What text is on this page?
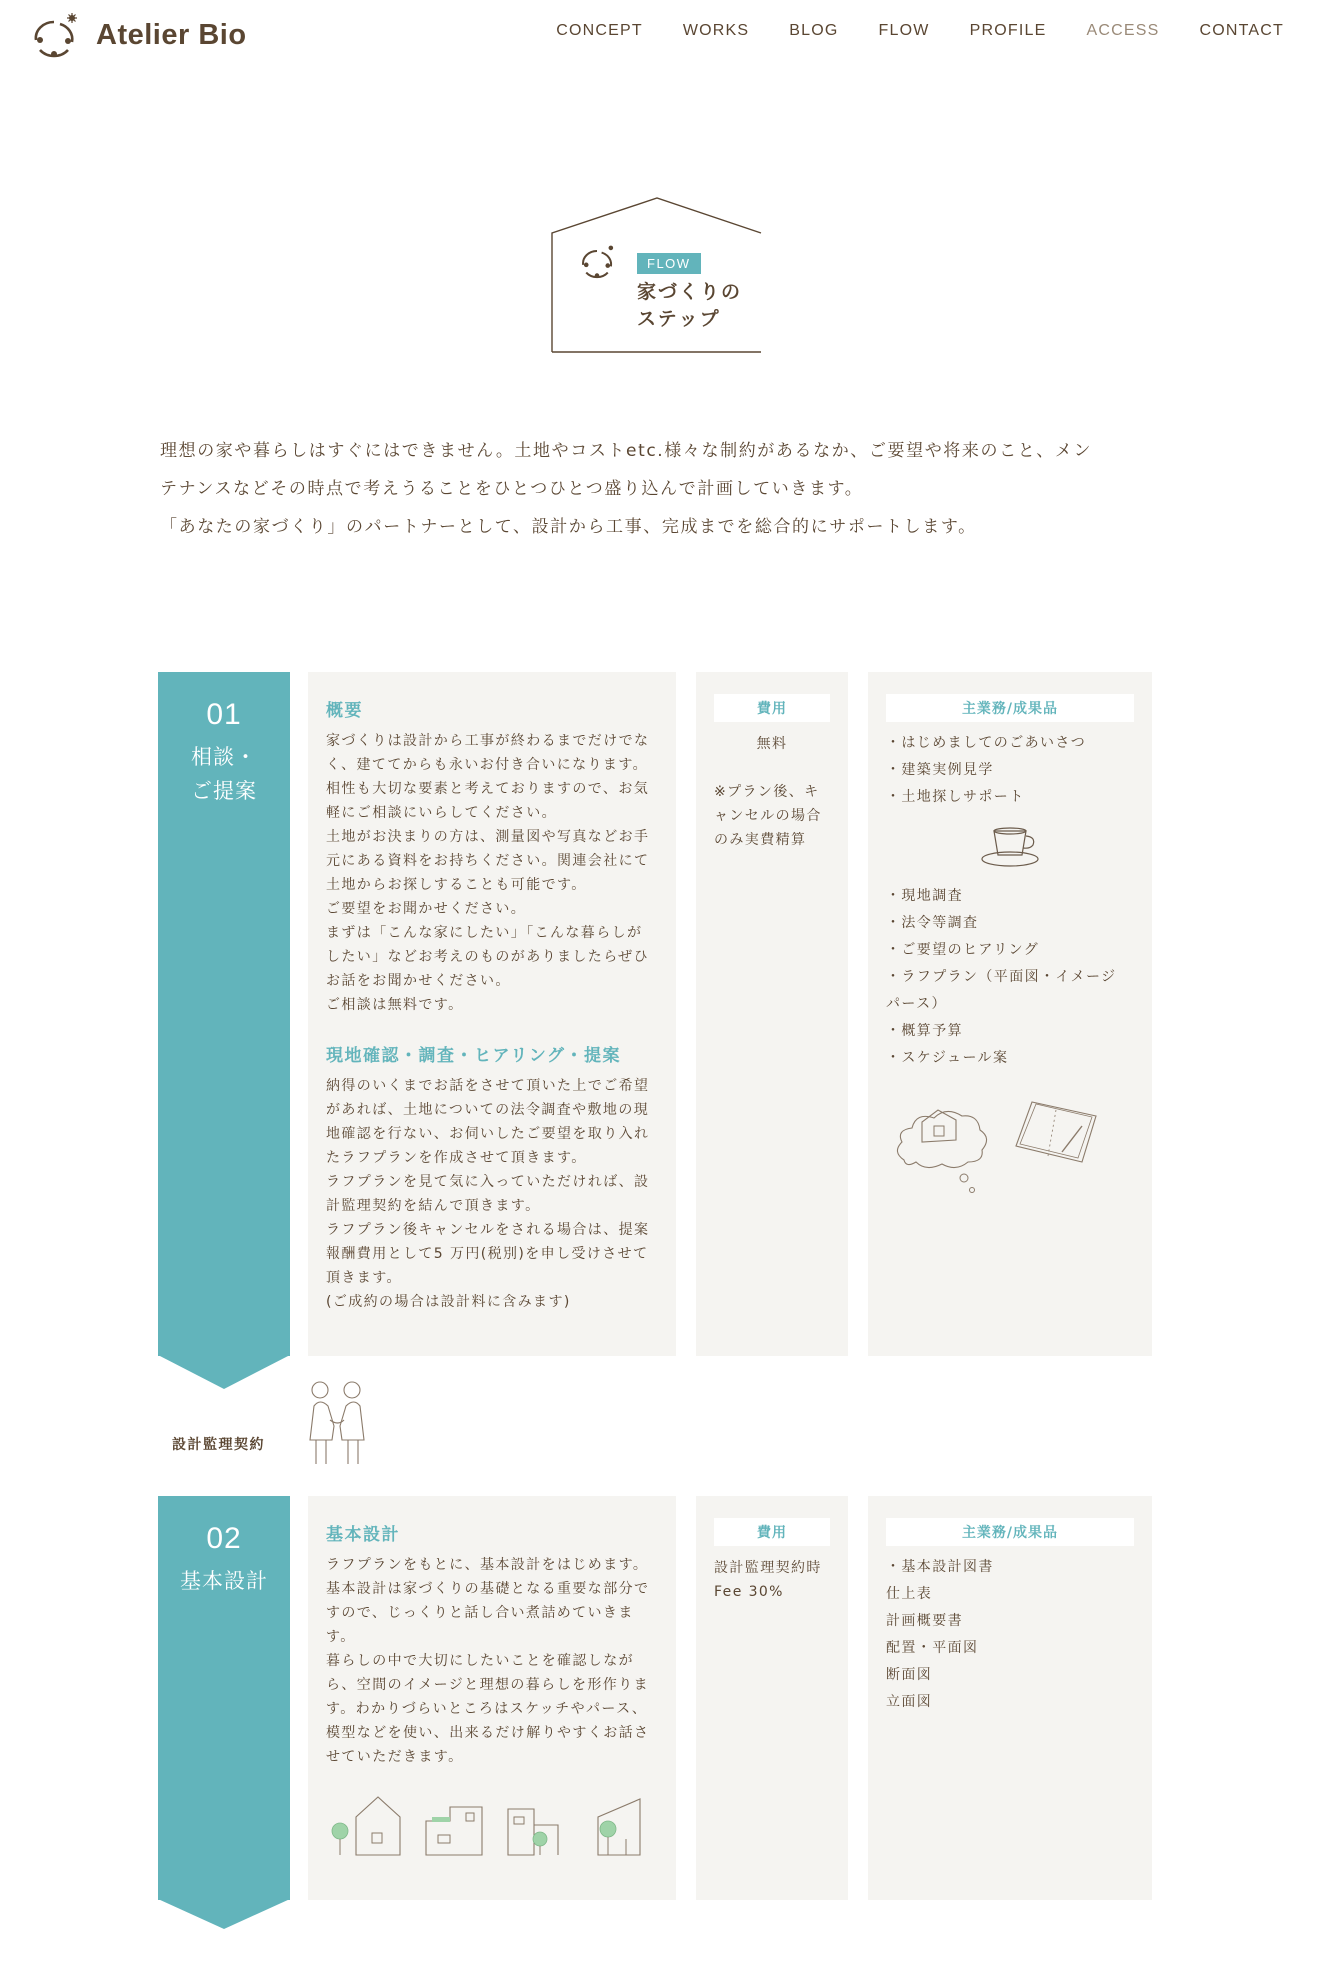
Atelier Bio	CONCEPT	WORKS	BLOG	FLOW	PROFILE	ACCESS	CONTACT
FLOW
家づくりの
ステップ

理想の家や暮らしはすぐにはできません。土地やコストetc.様々な制約があるなか、ご要望や将来のこと、メン

テナンスなどその時点で考えうることをひとつひとつ盛り込んで計画していきます。

「あなたの家づくり」のパートナーとして、設計から工事、完成までを総合的にサポートします。

01
相談・
ご提案
概要
家づくりは設計から工事が終わるまでだけでな
く、建ててからも永いお付き合いになります。
相性も大切な要素と考えておりますので、お気
軽にご相談にいらしてください。
土地がお決まりの方は、測量図や写真などお手
元にある資料をお持ちください。関連会社にて
土地からお探しすることも可能です。
ご要望をお聞かせください。
まずは「こんな家にしたい」「こんな暮らしが
したい」などお考えのものがありましたらぜひ
お話をお聞かせください。
ご相談は無料です。
現地確認・調査・ヒアリング・提案
納得のいくまでお話をさせて頂いた上でご希望
があれば、土地についての法令調査や敷地の現
地確認を行ない、お伺いしたご要望を取り入れ
たラフプランを作成させて頂きます。
ラフプランを見て気に入っていただければ、設
計監理契約を結んで頂きます。
ラフプラン後キャンセルをされる場合は、提案
報酬費用として5 万円(税別)を申し受けさせて
頂きます。
(ご成約の場合は設計料に含みます)
費用
無料

※プラン後、キ
ャンセルの場合
のみ実費精算
主業務/成果品
・はじめましてのごあいさつ
・建築実例見学
・土地探しサポート
・現地調査
・法令等調査
・ご要望のヒアリング
・ラフプラン（平面図・イメージ
パース）
・概算予算
・スケジュール案
設計監理契約
02
基本設計
基本設計
ラフプランをもとに、基本設計をはじめます。
基本設計は家づくりの基礎となる重要な部分で
すので、じっくりと話し合い煮詰めていきま
す。
暮らしの中で大切にしたいことを確認しなが
ら、空間のイメージと理想の暮らしを形作りま
す。わかりづらいところはスケッチやパース、
模型などを使い、出来るだけ解りやすくお話さ
せていただきます。
費用
設計監理契約時
Fee 30%
主業務/成果品
・基本設計図書
仕上表
計画概要書
配置・平面図
断面図
立面図
